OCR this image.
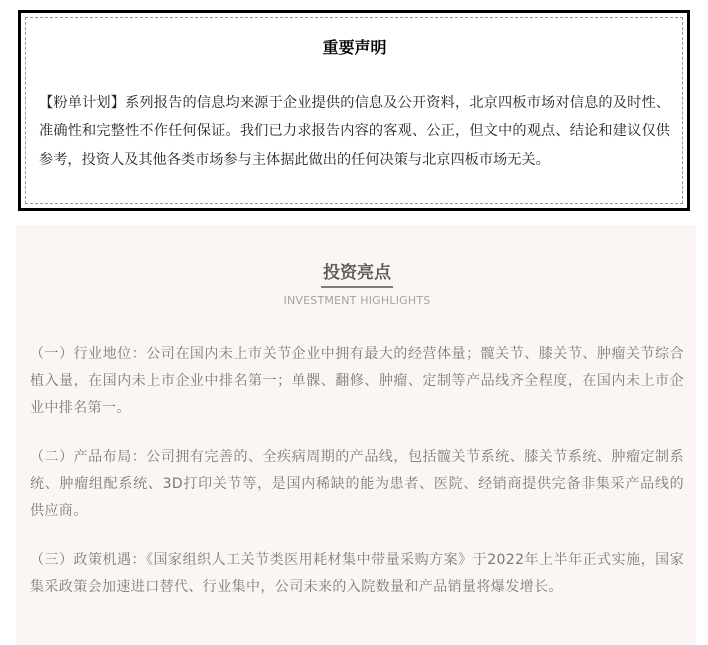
重要声明

【粉单计划】系列报告的信息均来源于企业提供的信息及公开资料，北京四板市场对信息的及时性、准确性和完整性不作任何保证。我们已力求报告内容的客观、公正，但文中的观点、结论和建议仅供参考，投资人及其他各类市场参与主体据此做出的任何决策与北京四板市场无关。

投资亮点
INVESTMENT HIGHLIGHTS

（一）行业地位：公司在国内未上市关节企业中拥有最大的经营体量；髋关节、膝关节、肿瘤关节综合植入量，在国内未上市企业中排名第一；单髁、翻修、肿瘤、定制等产品线齐全程度，在国内未上市企业中排名第一。

（二）产品布局：公司拥有完善的、全疾病周期的产品线，包括髋关节系统、膝关节系统、肿瘤定制系统、肿瘤组配系统、3D打印关节等，是国内稀缺的能为患者、医院、经销商提供完备非集采产品线的供应商。

（三）政策机遇：《国家组织人工关节类医用耗材集中带量采购方案》于2022年上半年正式实施，国家集采政策会加速进口替代、行业集中，公司未来的入院数量和产品销量将爆发增长。
